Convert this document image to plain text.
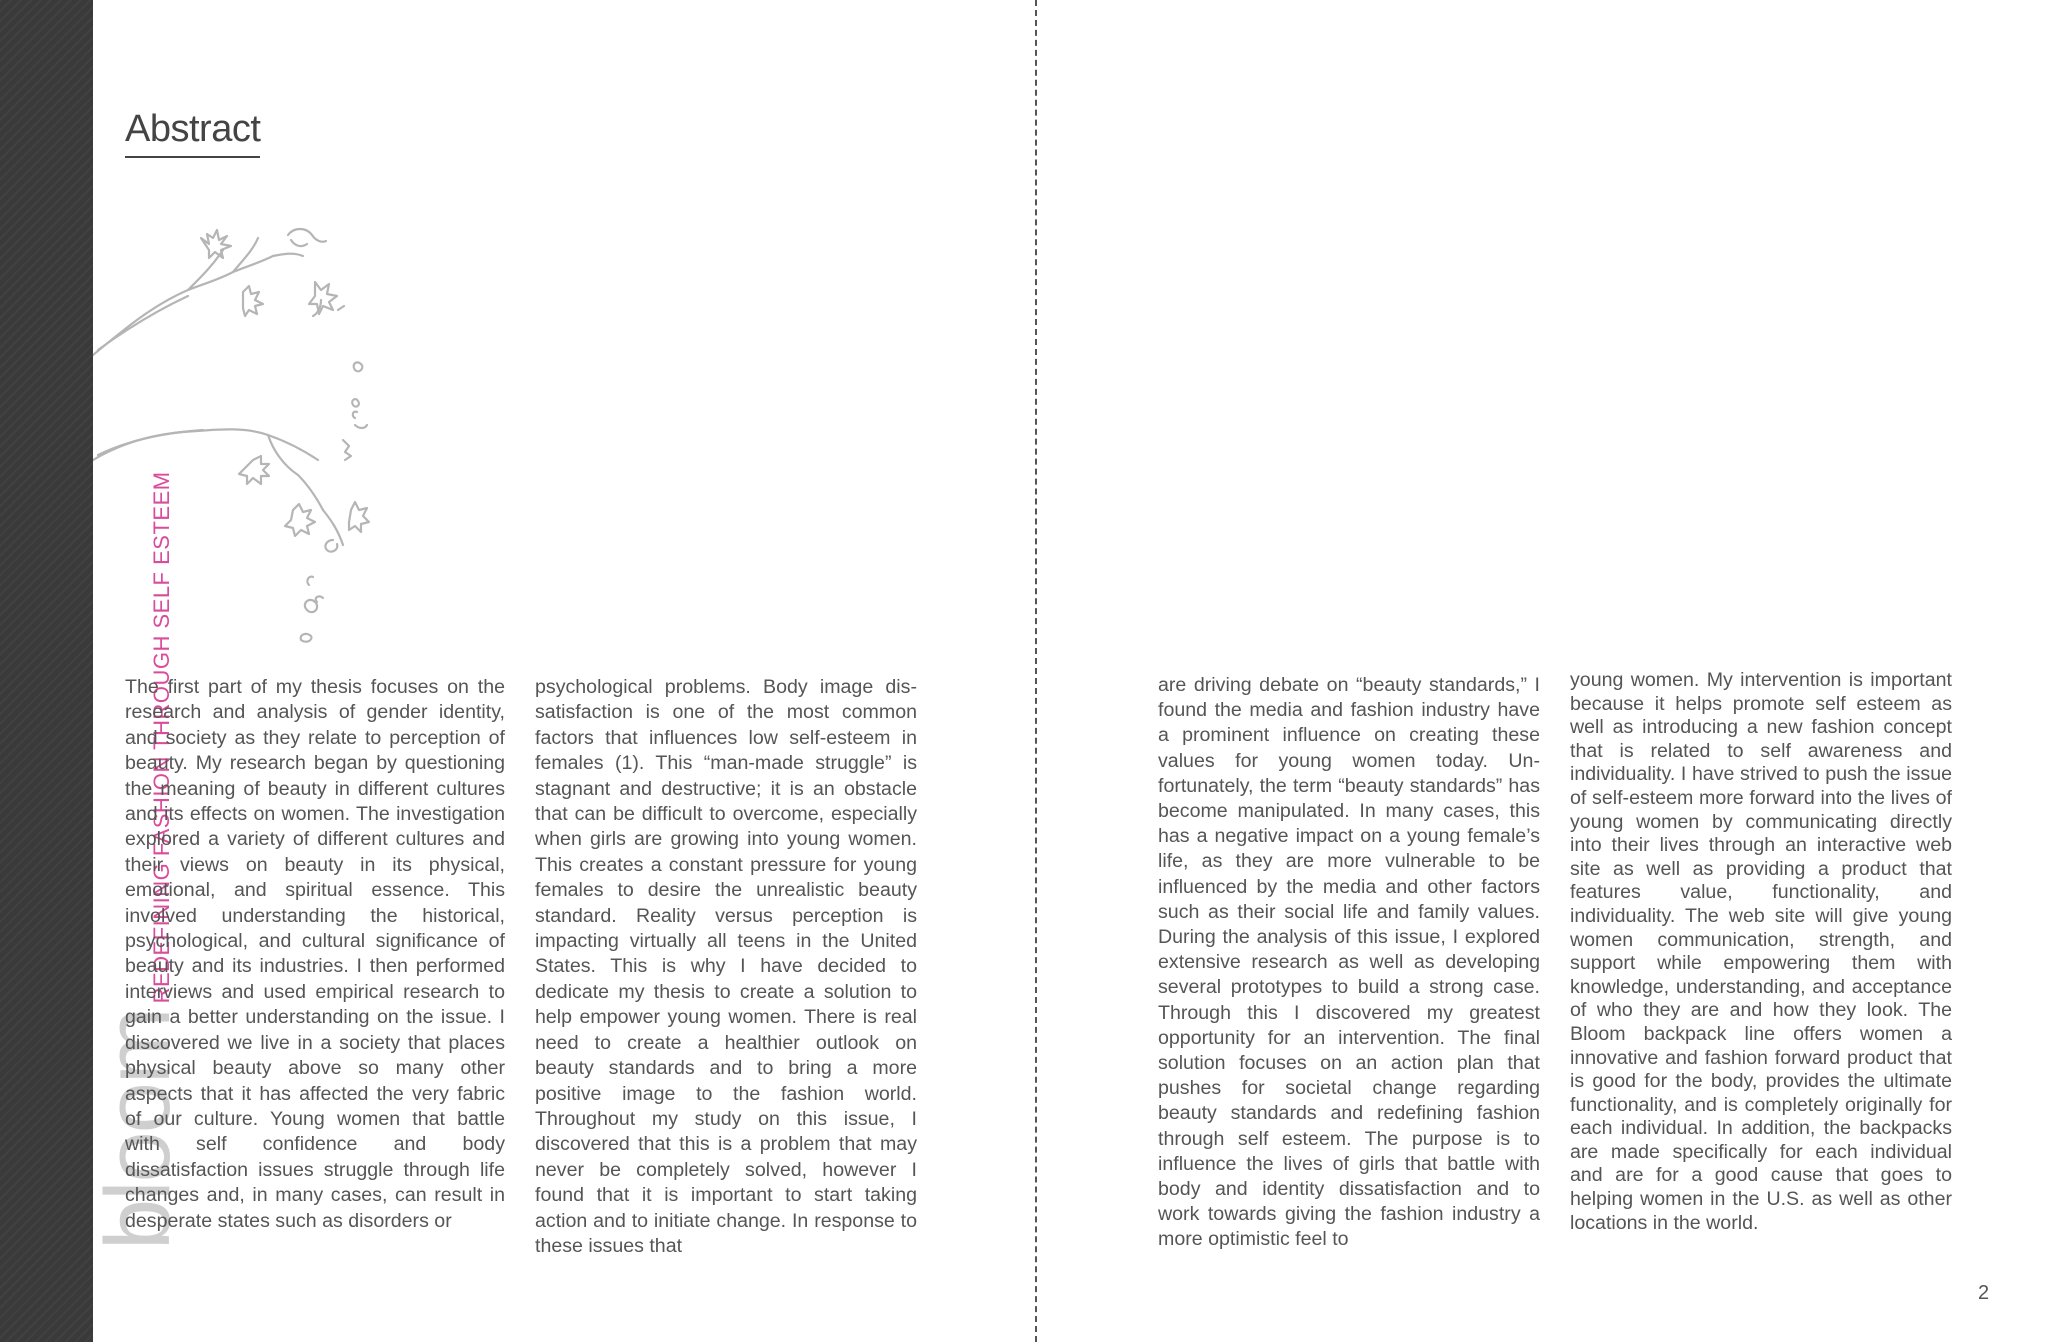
bloom
REDEFINING FASHION THROUGH SELF ESTEEM
Abstract

The first part of my thesis focuses on the research and analysis of gender identity, and society as they relate to perception of beauty. My research began by questioning the meaning of beauty in different cultures and its effects on women. The investigation explored a variety of different cultures and their views on beauty in its physical, emotional, and spiritual essence. This involved understanding the historical, psychological, and cultural significance of beauty and its industries. I then performed interviews and used empirical research to gain a better understanding on the issue. I discovered we live in a society that places physical beauty above so many other aspects that it has affected the very fabric of our culture. Young women that battle with self confidence and body dissatisfaction issues struggle through life changes and, in many cases, can result in desperate states such as disorders or

psychological problems. Body image dissatisfaction is one of the most common factors that influences low self-esteem in females (1). This “man-made struggle” is stagnant and destructive; it is an obstacle that can be difficult to overcome, especially when girls are growing into young women. This creates a constant pressure for young females to desire the unrealistic beauty standard. Reality versus perception is impacting virtually all teens in the United States. This is why I have decided to dedicate my thesis to create a solution to help empower young women. There is real need to create a healthier outlook on beauty standards and to bring a more positive image to the fashion world. Throughout my study on this issue, I discovered that this is a problem that may never be completely solved, however I found that it is important to start taking action and to initiate change. In response to these issues that

are driving debate on “beauty standards,” I found the media and fashion industry have a prominent influence on creating these values for young women today. Unfortunately, the term “beauty standards” has become manipulated. In many cases, this has a negative impact on a young female’s life, as they are more vulnerable to be influenced by the media and other factors such as their social life and family values. During the analysis of this issue, I explored extensive research as well as developing several prototypes to build a strong case. Through this I discovered my greatest opportunity for an intervention. The final solution focuses on an action plan that pushes for societal change regarding beauty standards and redefining fashion through self esteem. The purpose is to influence the lives of girls that battle with body and identity dissatisfaction and to work towards giving the fashion industry a more optimistic feel to

young women. My intervention is important because it helps promote self esteem as well as introducing a new fashion concept that is related to self awareness and individuality. I have strived to push the issue of self-esteem more forward into the lives of young women by communicating directly into their lives through an interactive web site as well as providing a product that features value, functionality, and individuality. The web site will give young women communication, strength, and support while empowering them with knowledge, understanding, and acceptance of who they are and how they look. The Bloom backpack line offers women a innovative and fashion forward product that is good for the body, provides the ultimate functionality, and is completely originally for each individual. In addition, the backpacks are made specifically for each individual and are for a good cause that goes to helping women in the U.S. as well as other locations in the world.

2
